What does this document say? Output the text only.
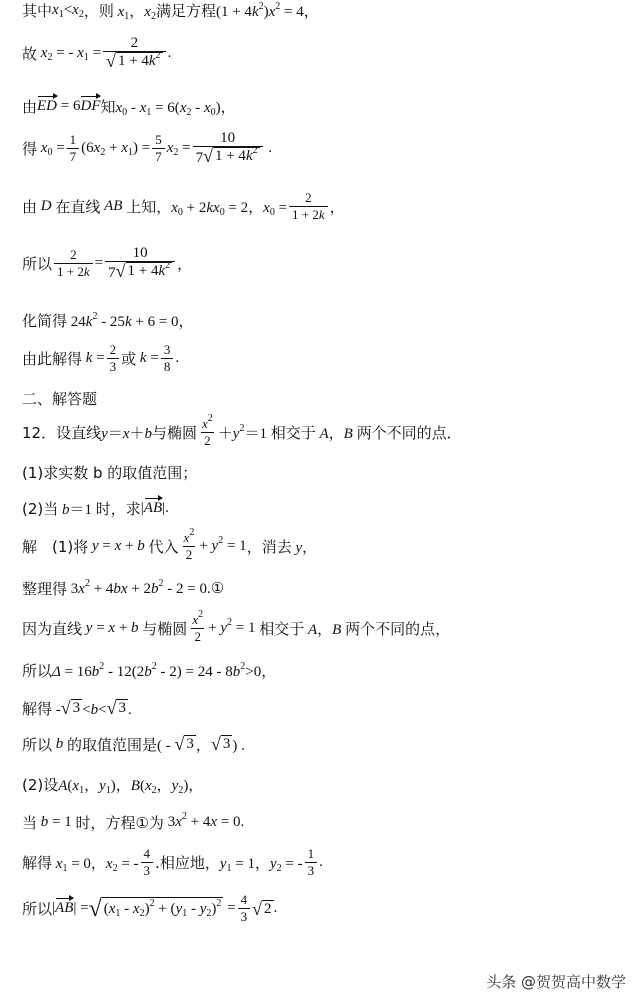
其中 $x_1<x_2$ ，则 $x_1$，$x_2$ 满足方程 $(1 + 4k^2)x^2 = 4$，
故 $x_2$ = - $x_1 = \frac{2}{√ 1 + 4k^2}$ .
由 ED = 6DF 知 $x_0 - x_1 = 6(x_2 - x_0)$，
得 $x_0 = \frac{1}{7} (6x_2 + x_1) = \frac{5}{7} x_2 = \frac{10}{7 √ 1 + 4k^2}$ .
由 D 在直线 AB 上知， $x_0 + 2kx_0 = 2$，$x_0 = \frac{2}{1 + 2k}$ ，
所以 $\frac{2}{1 + 2k} = \frac{10}{7 √ 1 + 4k^2}$ ，
化简得 $24k^2 - 25k + 6 = 0$，
由此解得 $k = \frac{2}{3}$ 或 $k = \frac{3}{8}$ .
二、解答题
12．设直线 y＝x＋b 与椭圆 $\frac{x^2}{2} +y^2=1$ 相交于 A，B 两个不同的点．
(1)求实数 b 的取值范围；
(2)当 b＝1 时，求 |AB|.
解　(1)将 y = x + b 代入 $\frac{x^2}{2} + y^2 = 1$ ，消去 y，
整理得 $3x^2 + 4bx + 2b^2 - 2$ = 0.①
因为直线 y = x + b 与椭圆 $\frac{x^2}{2} + y^2 = 1$ 相交于 A，B 两个不同的点，
所以 $\Delta = 16b^2 - 12(2b^2 - 2) = 24 - 8b^2>0$，
解得 - √ 3 <b< √ 3 .
所以 b 的取值范围是 ( - √ 3 ， √ 3 ) .
(2)设 $A(x_1$，$y_1$)，$B(x_2$，$y_2$)，
当 b = 1 时，方程①为 $3x^2 + 4x = 0$.
解得 $x_1 = 0$，$x_2$ = - $\frac{4}{3}$ .相应地， $y_1 = 1$，$y_2$ = - $\frac{1}{3}$ .
所以 |AB| = √ $(x_1 - x_2)^2 + (y_1 - y_2)^2 = \frac{4}{3}$ √ 2 .
头条 @贺贺高中数学
